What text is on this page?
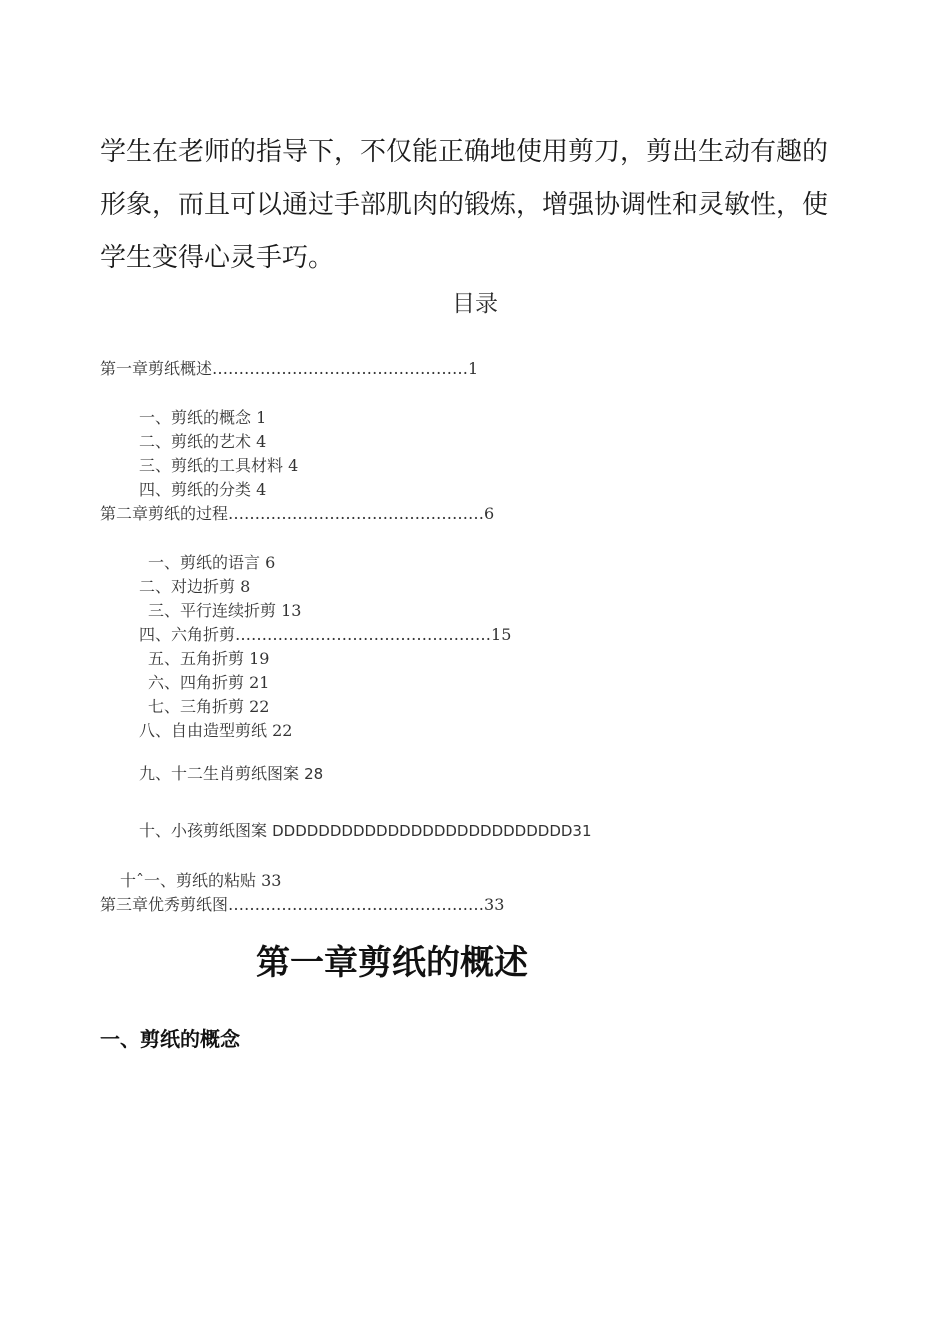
学生在老师的指导下，不仅能正确地使用剪刀，剪出生动有趣的
形象，而且可以通过手部肌肉的锻炼，增强协调性和灵敏性，使
学生变得心灵手巧。
目录
第一章剪纸概述…………………………………………1
一、剪纸的概念 1
二、剪纸的艺术 4
三、剪纸的工具材料 4
四、剪纸的分类 4
第二章剪纸的过程…………………………………………6
一、剪纸的语言 6
二、对边折剪 8
三、平行连续折剪 13
四、六角折剪…………………………………………15
五、五角折剪 19
六、四角折剪 21
七、三角折剪 22
八、自由造型剪纸 22
九、十二生肖剪纸图案 28
十、小孩剪纸图案 DDDDDDDDDDDDDDDDDDDDDDDDDD31
十ˆ一、剪纸的粘贴 33
第三章优秀剪纸图…………………………………………33
第一章剪纸的概述
一、剪纸的概念
